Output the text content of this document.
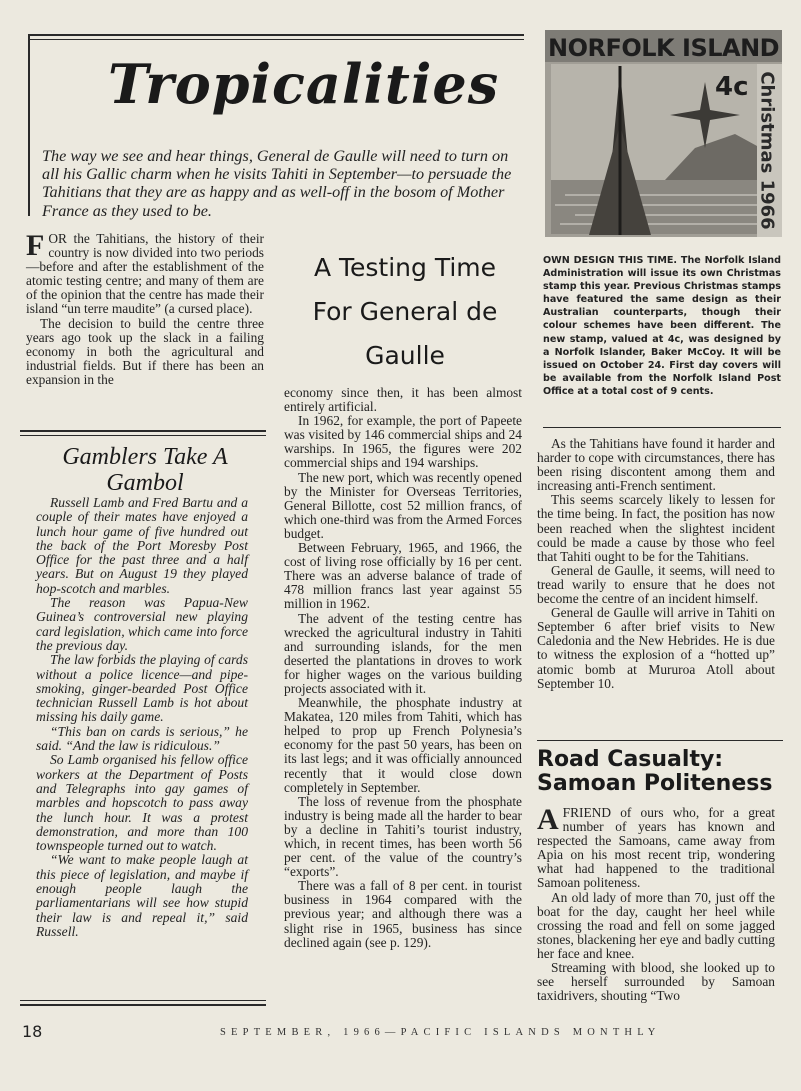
Tropicalities
The way we see and hear things, General de Gaulle will need to turn on all his Gallic charm when he visits Tahiti in September—to persuade the Tahitians that they are as happy and as well-off in the bosom of Mother France as they used to be.
NORFOLK ISLAND
4c Christmas 1966
OWN DESIGN THIS TIME. The Norfolk Island Administration will issue its own Christmas stamp this year. Previous Christmas stamps have featured the same design as their Australian counterparts, though their colour schemes have been different. The new stamp, valued at 4c, was designed by a Norfolk Islander, Baker McCoy. It will be issued on October 24. First day covers will be available from the Norfolk Island Post Office at a total cost of 9 cents.

FOR the Tahitians, the history of their country is now divided into two periods—before and after the establishment of the atomic testing centre; and many of them are of the opinion that the centre has made their island “un terre maudite” (a cursed place).

The decision to build the centre three years ago took up the slack in a failing economy in both the agricultural and industrial fields. But if there has been an expansion in the

A Testing Time For General de Gaulle

economy since then, it has been almost entirely artificial.

In 1962, for example, the port of Papeete was visited by 146 commercial ships and 24 warships. In 1965, the figures were 202 commercial ships and 194 warships.

The new port, which was recently opened by the Minister for Overseas Territories, General Billotte, cost 52 million francs, of which one-third was from the Armed Forces budget.

Between February, 1965, and 1966, the cost of living rose officially by 16 per cent. There was an adverse balance of trade of 478 million francs last year against 55 million in 1962.

The advent of the testing centre has wrecked the agricultural industry in Tahiti and surrounding islands, for the men deserted the plantations in droves to work for higher wages on the various building projects associated with it.

Meanwhile, the phosphate industry at Makatea, 120 miles from Tahiti, which has helped to prop up French Polynesia’s economy for the past 50 years, has been on its last legs; and it was officially announced recently that it would close down completely in September.

The loss of revenue from the phosphate industry is being made all the harder to bear by a decline in Tahiti’s tourist industry, which, in recent times, has been worth 56 per cent. of the value of the country’s “exports”.

There was a fall of 8 per cent. in tourist business in 1964 compared with the previous year; and although there was a slight rise in 1965, business has since declined again (see p. 129).

As the Tahitians have found it harder and harder to cope with circumstances, there has been rising discontent among them and increasing anti-French sentiment.

This seems scarcely likely to lessen for the time being. In fact, the position has now been reached when the slightest incident could be made a cause by those who feel that Tahiti ought to be for the Tahitians.

General de Gaulle, it seems, will need to tread warily to ensure that he does not become the centre of an incident himself.

General de Gaulle will arrive in Tahiti on September 6 after brief visits to New Caledonia and the New Hebrides. He is due to witness the explosion of a “hotted up” atomic bomb at Mururoa Atoll about September 10.

Gamblers Take A Gambol

Russell Lamb and Fred Bartu and a couple of their mates have enjoyed a lunch hour game of five hundred out the back of the Port Moresby Post Office for the past three and a half years. But on August 19 they played hop-scotch and marbles.

The reason was Papua-New Guinea’s controversial new playing card legislation, which came into force the previous day.

The law forbids the playing of cards without a police licence—and pipe-smoking, ginger-bearded Post Office technician Russell Lamb is hot about missing his daily game.

“This ban on cards is serious,” he said. “And the law is ridiculous.”

So Lamb organised his fellow office workers at the Department of Posts and Telegraphs into gay games of marbles and hopscotch to pass away the lunch hour. It was a protest demonstration, and more than 100 townspeople turned out to watch.

“We want to make people laugh at this piece of legislation, and maybe if enough people laugh the parliamentarians will see how stupid their law is and repeal it,” said Russell.

Road Casualty: Samoan Politeness

AFRIEND of ours who, for a great number of years has known and respected the Samoans, came away from Apia on his most recent trip, wondering what had happened to the traditional Samoan politeness.

An old lady of more than 70, just off the boat for the day, caught her heel while crossing the road and fell on some jagged stones, blackening her eye and badly cutting her face and knee.

Streaming with blood, she looked up to see herself surrounded by Samoan taxidrivers, shouting “Two

18	SEPTEMBER, 1966—PACIFIC ISLANDS MONTHLY
